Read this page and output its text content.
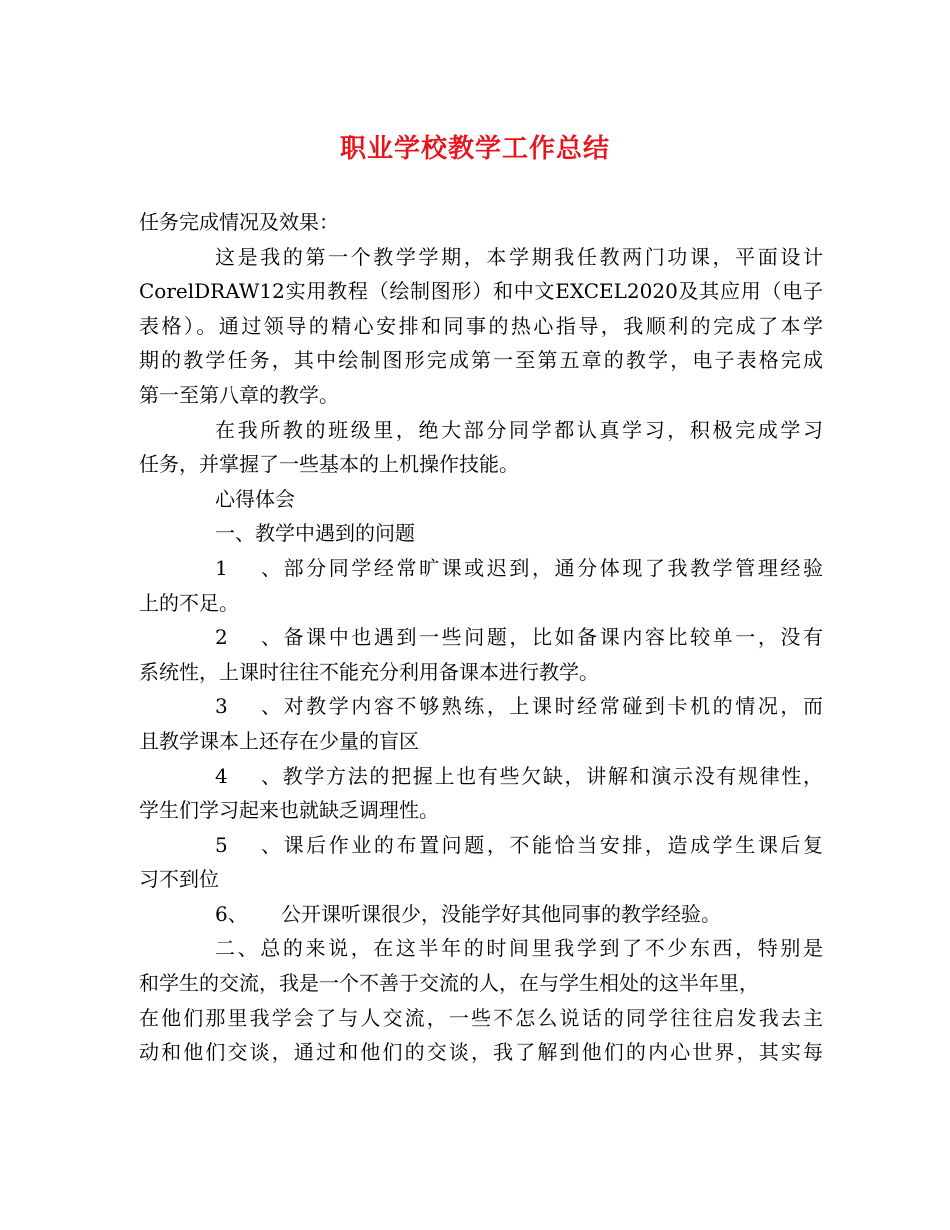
职业学校教学工作总结
任务完成情况及效果：
这是我的第一个教学学期，本学期我任教两门功课，平面设计
CorelDRAW12实用教程（绘制图形）和中文EXCEL2020及其应用（电子
表格）。通过领导的精心安排和同事的热心指导，我顺利的完成了本学
期的教学任务，其中绘制图形完成第一至第五章的教学，电子表格完成
第一至第八章的教学。
在我所教的班级里，绝大部分同学都认真学习，积极完成学习
任务，并掌握了一些基本的上机操作技能。
心得体会
一、教学中遇到的问题
1、部分同学经常旷课或迟到，通分体现了我教学管理经验
上的不足。
2、备课中也遇到一些问题，比如备课内容比较单一，没有
系统性，上课时往往不能充分利用备课本进行教学。
3、对教学内容不够熟练，上课时经常碰到卡机的情况，而
且教学课本上还存在少量的盲区
4、教学方法的把握上也有些欠缺，讲解和演示没有规律性，
学生们学习起来也就缺乏调理性。
5、课后作业的布置问题，不能恰当安排，造成学生课后复
习不到位
6、 公开课听课很少，没能学好其他同事的教学经验。
二、总的来说，在这半年的时间里我学到了不少东西，特别是
和学生的交流，我是一个不善于交流的人，在与学生相处的这半年里，
在他们那里我学会了与人交流，一些不怎么说话的同学往往启发我去主
动和他们交谈，通过和他们的交谈，我了解到他们的内心世界，其实每
